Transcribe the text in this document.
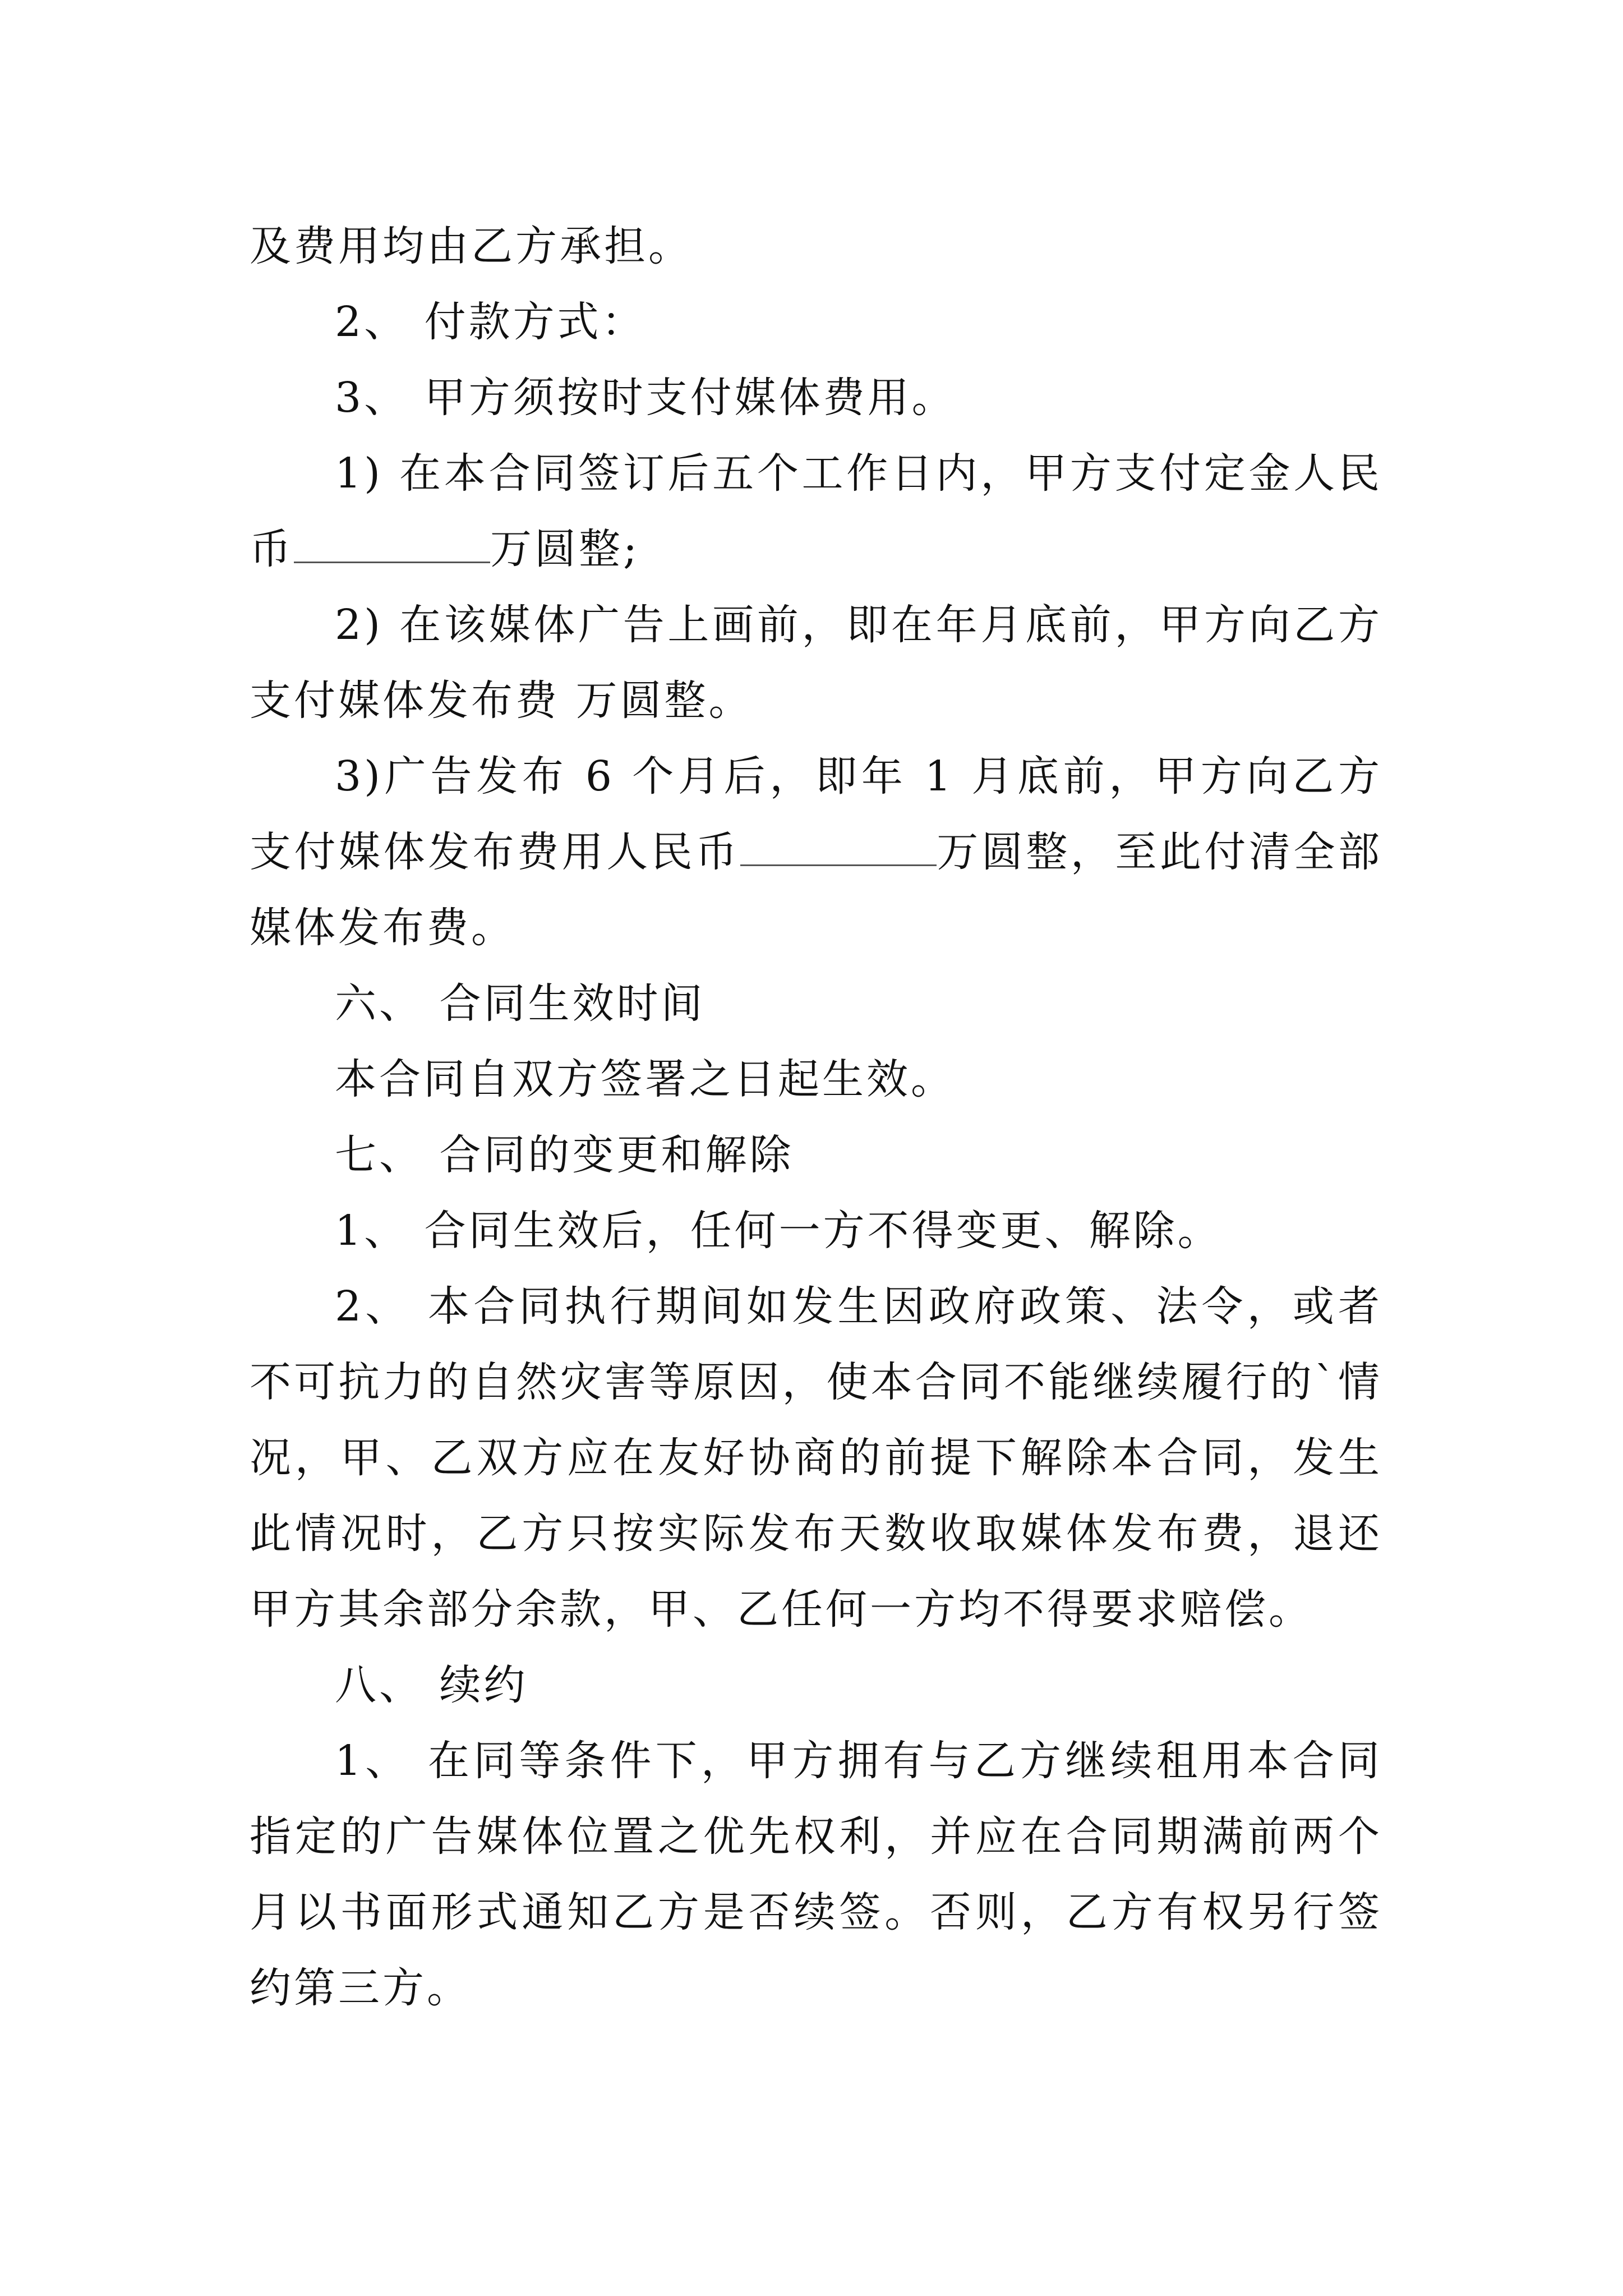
及费用均由乙方承担。

2、 付款方式：

3、 甲方须按时支付媒体费用。

1) 在本合同签订后五个工作日内，甲方支付定金人民币	万圆整;

2) 在该媒体广告上画前，即在年月底前，甲方向乙方支付媒体发布费 万圆整。

3)广告发布 6 个月后，即年 1 月底前，甲方向乙方支付媒体发布费用人民币	万圆整，至此付清全部媒体发布费。

六、 合同生效时间

本合同自双方签署之日起生效。

七、 合同的变更和解除

1、 合同生效后，任何一方不得变更、解除。

2、 本合同执行期间如发生因政府政策、法令，或者不可抗力的自然灾害等原因，使本合同不能继续履行的`情况，甲、乙双方应在友好协商的前提下解除本合同，发生此情况时，乙方只按实际发布天数收取媒体发布费，退还甲方其余部分余款，甲、乙任何一方均不得要求赔偿。

八、 续约

1、 在同等条件下，甲方拥有与乙方继续租用本合同指定的广告媒体位置之优先权利，并应在合同期满前两个月以书面形式通知乙方是否续签。否则，乙方有权另行签约第三方。
